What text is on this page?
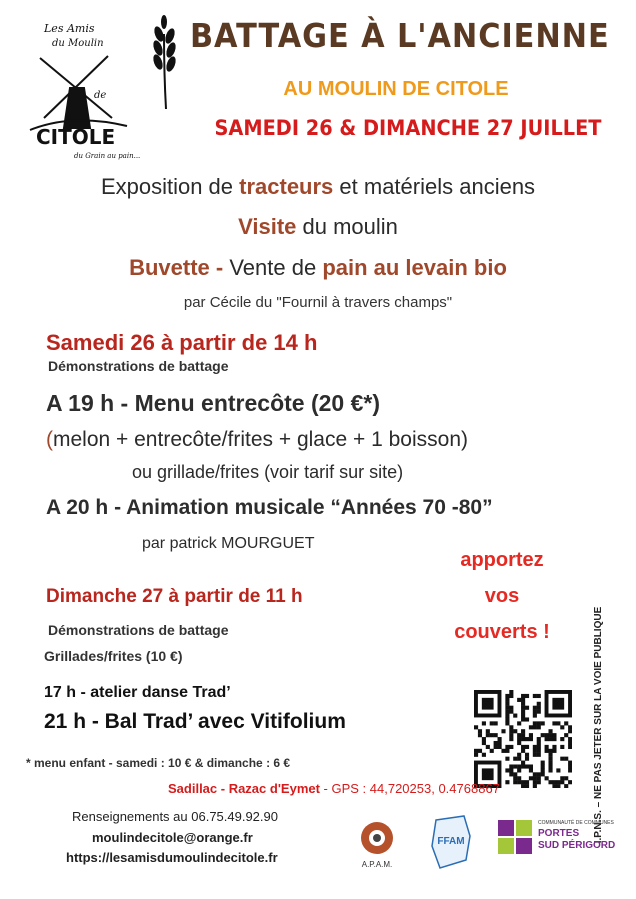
Les Amis
du Moulin
de
CITOLE
du Grain au pain...
BATTAGE À L'ANCIENNE
AU MOULIN DE CITOLE
SAMEDI 26 & DIMANCHE 27 JUILLET
Exposition de tracteurs et matériels anciens
Visite du moulin
Buvette - Vente de pain au levain bio
par Cécile du "Fournil à travers champs"
Samedi 26 à partir de 14 h
Démonstrations de battage
A 19 h - Menu entrecôte (20 €*)
(melon + entrecôte/frites + glace + 1 boisson)
ou grillade/frites (voir tarif sur site)
A 20 h - Animation musicale “Années 70 -80”
par patrick MOURGUET
apportez
vos
couverts !
Dimanche 27 à partir de 11 h
Démonstrations de battage
Grillades/frites (10 €)
17 h - atelier danse Trad’
21 h - Bal Trad’ avec Vitifolium	I.P.N.S. – NE PAS JETER SUR LA VOIE PUBLIQUE
* menu enfant - samedi : 10 € & dimanche : 6 €
Sadillac - Razac d'Eymet - GPS : 44,720253, 0.4768867
Renseignements au 06.75.49.92.90
moulindecitole@orange.fr
https://lesamisdumoulindecitole.fr	A.P.A.M.
FFAM
COMMUNAUTÉ DE COMMUNES
PORTES
SUD PÉRIGORD
